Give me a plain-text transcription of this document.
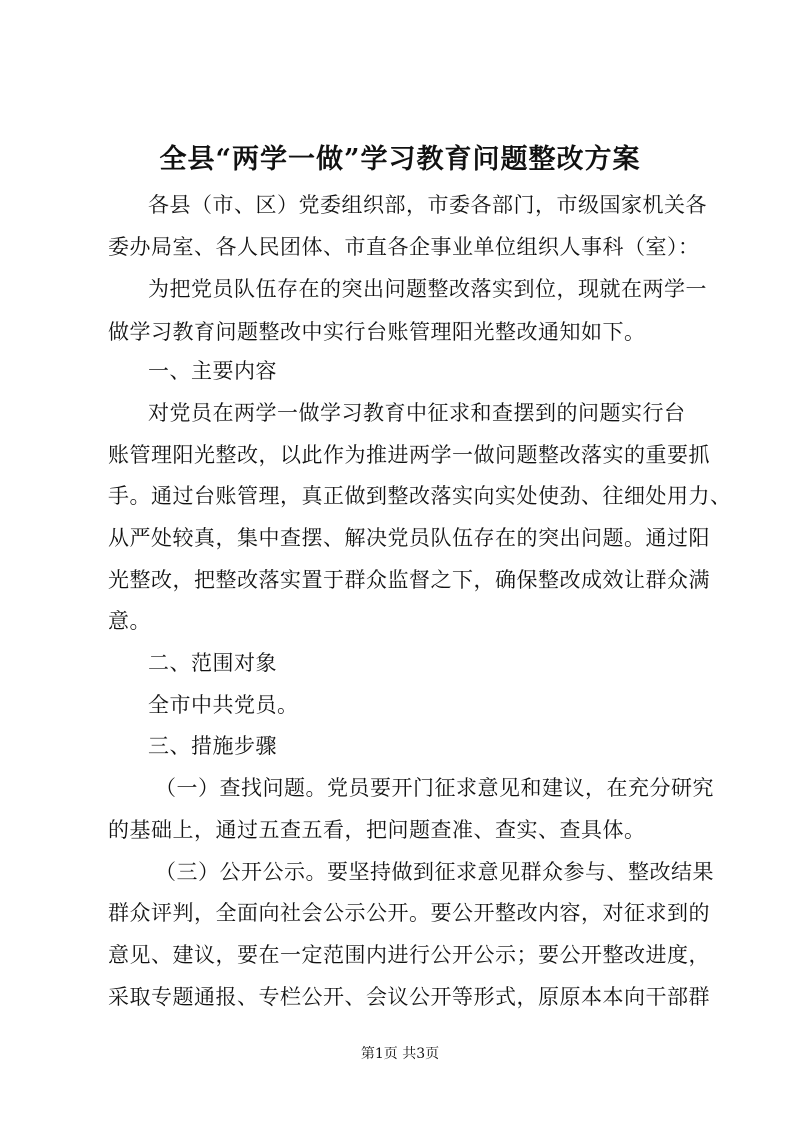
全县“两学一做”学习教育问题整改方案
各县（市、区）党委组织部，市委各部门，市级国家机关各
委办局室、各人民团体、市直各企事业单位组织人事科（室）：
为把党员队伍存在的突出问题整改落实到位，现就在两学一
做学习教育问题整改中实行台账管理阳光整改通知如下。
一、主要内容
对党员在两学一做学习教育中征求和查摆到的问题实行台
账管理阳光整改，以此作为推进两学一做问题整改落实的重要抓
手。通过台账管理，真正做到整改落实向实处使劲、往细处用力、
从严处较真，集中查摆、解决党员队伍存在的突出问题。通过阳
光整改，把整改落实置于群众监督之下，确保整改成效让群众满
意。
二、范围对象
全市中共党员。
三、措施步骤
（一）查找问题。党员要开门征求意见和建议，在充分研究
的基础上，通过五查五看，把问题查准、查实、查具体。
（三）公开公示。要坚持做到征求意见群众参与、整改结果
群众评判，全面向社会公示公开。要公开整改内容，对征求到的
意见、建议，要在一定范围内进行公开公示；要公开整改进度，
采取专题通报、专栏公开、会议公开等形式，原原本本向干部群
第1页 共3页
